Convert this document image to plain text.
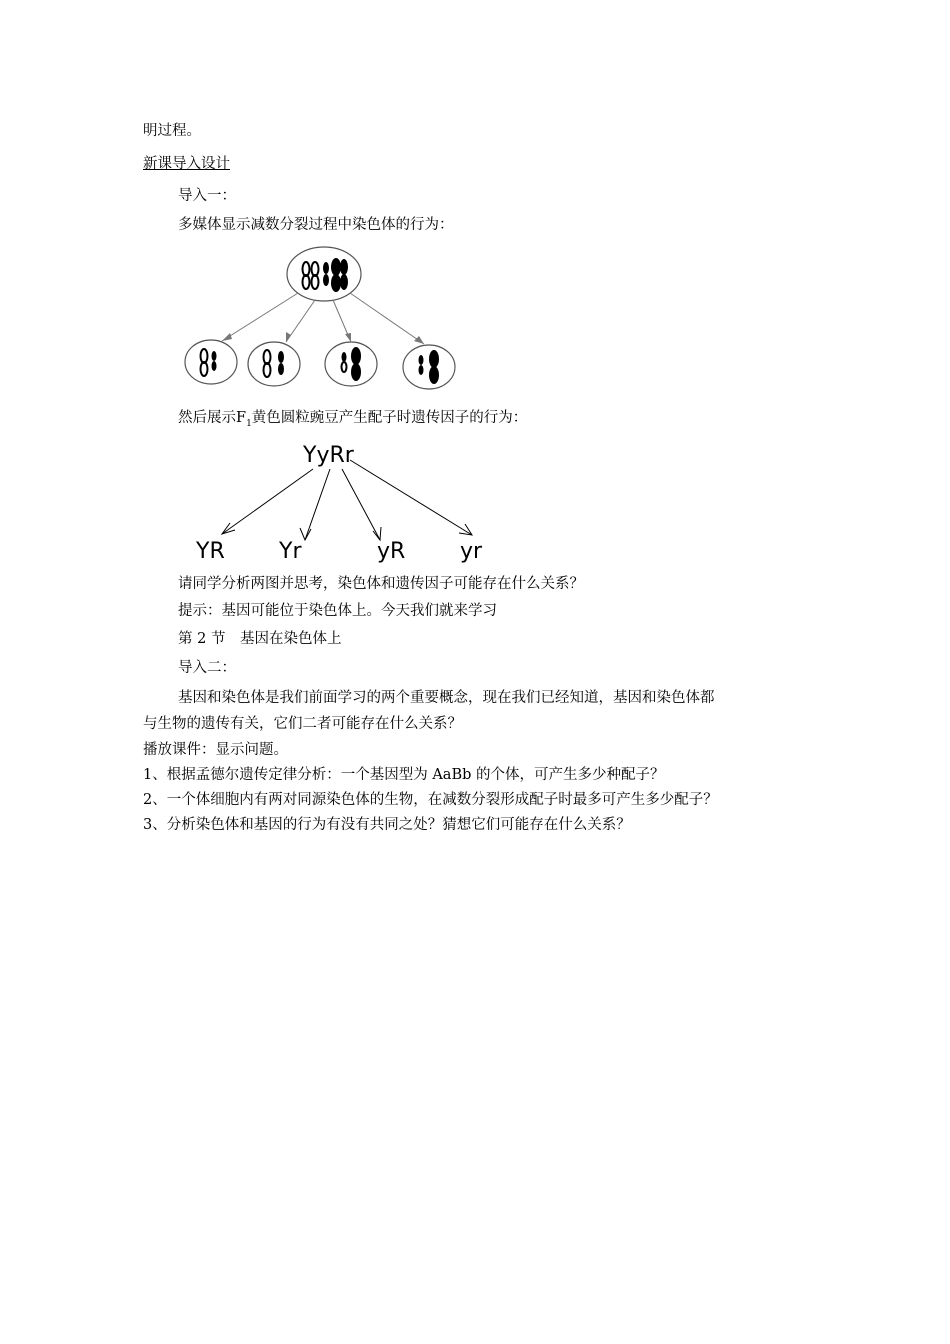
明过程。
新课导入设计
导入一：
多媒体显示减数分裂过程中染色体的行为：
然后展示$F_1$黄色圆粒豌豆产生配子时遗传因子的行为：
YyRr
YR Yr	yR yr
请同学分析两图并思考，染色体和遗传因子可能存在什么关系？
提示：基因可能位于染色体上。今天我们就来学习
第 2 节　基因在染色体上
导入二：
基因和染色体是我们前面学习的两个重要概念，现在我们已经知道，基因和染色体都
与生物的遗传有关，它们二者可能存在什么关系？
播放课件：显示问题。
1、根据孟德尔遗传定律分析：一个基因型为 AaBb 的个体，可产生多少种配子？
2、一个体细胞内有两对同源染色体的生物，在减数分裂形成配子时最多可产生多少配子？
3、分析染色体和基因的行为有没有共同之处？猜想它们可能存在什么关系？
